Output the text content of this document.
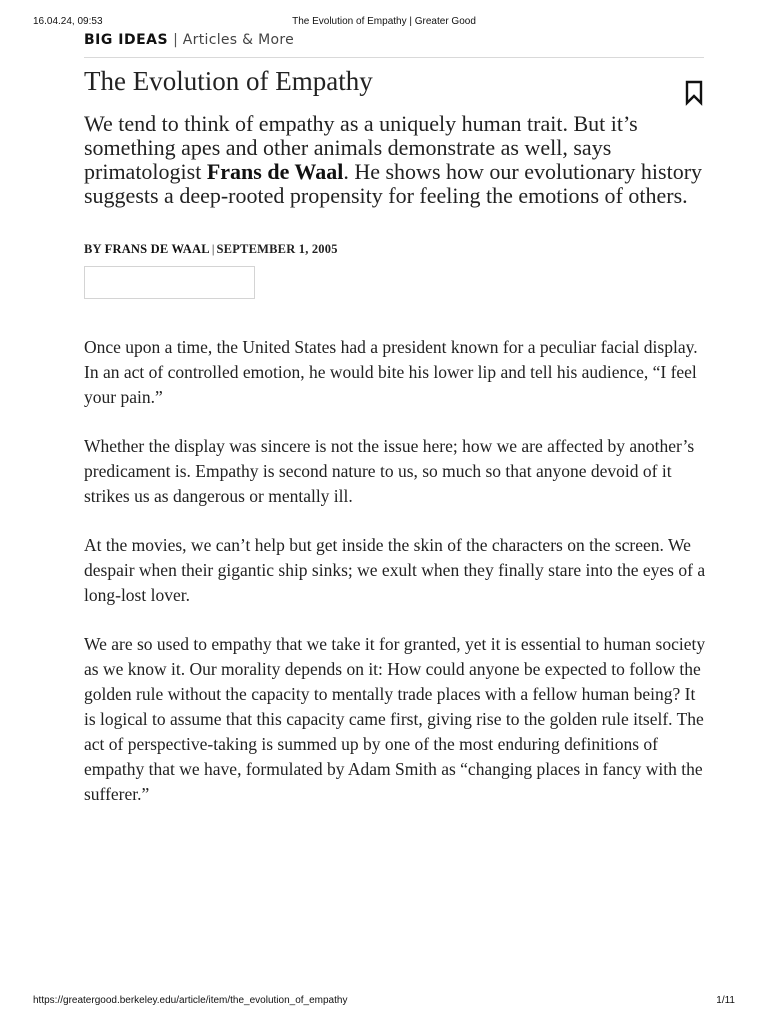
16.04.24, 09:53	The Evolution of Empathy | Greater Good
BIG IDEAS | Articles & More
The Evolution of Empathy

We tend to think of empathy as a uniquely human trait. But it’s something apes and other animals demonstrate as well, says primatologist Frans de Waal. He shows how our evolutionary history suggests a deep-rooted propensity for feeling the emotions of others.

BY FRANS DE WAAL | SEPTEMBER 1, 2005

Once upon a time, the United States had a president known for a peculiar facial display. In an act of controlled emotion, he would bite his lower lip and tell his audience, “I feel your pain.”

Whether the display was sincere is not the issue here; how we are affected by another’s predicament is. Empathy is second nature to us, so much so that anyone devoid of it strikes us as dangerous or mentally ill.

At the movies, we can’t help but get inside the skin of the characters on the screen. We despair when their gigantic ship sinks; we exult when they finally stare into the eyes of a long-lost lover.

We are so used to empathy that we take it for granted, yet it is essential to human society as we know it. Our morality depends on it: How could anyone be expected to follow the golden rule without the capacity to mentally trade places with a fellow human being? It is logical to assume that this capacity came first, giving rise to the golden rule itself. The act of perspective-taking is summed up by one of the most enduring definitions of empathy that we have, formulated by Adam Smith as “changing places in fancy with the sufferer.”

https://greatergood.berkeley.edu/article/item/the_evolution_of_empathy	1/11
